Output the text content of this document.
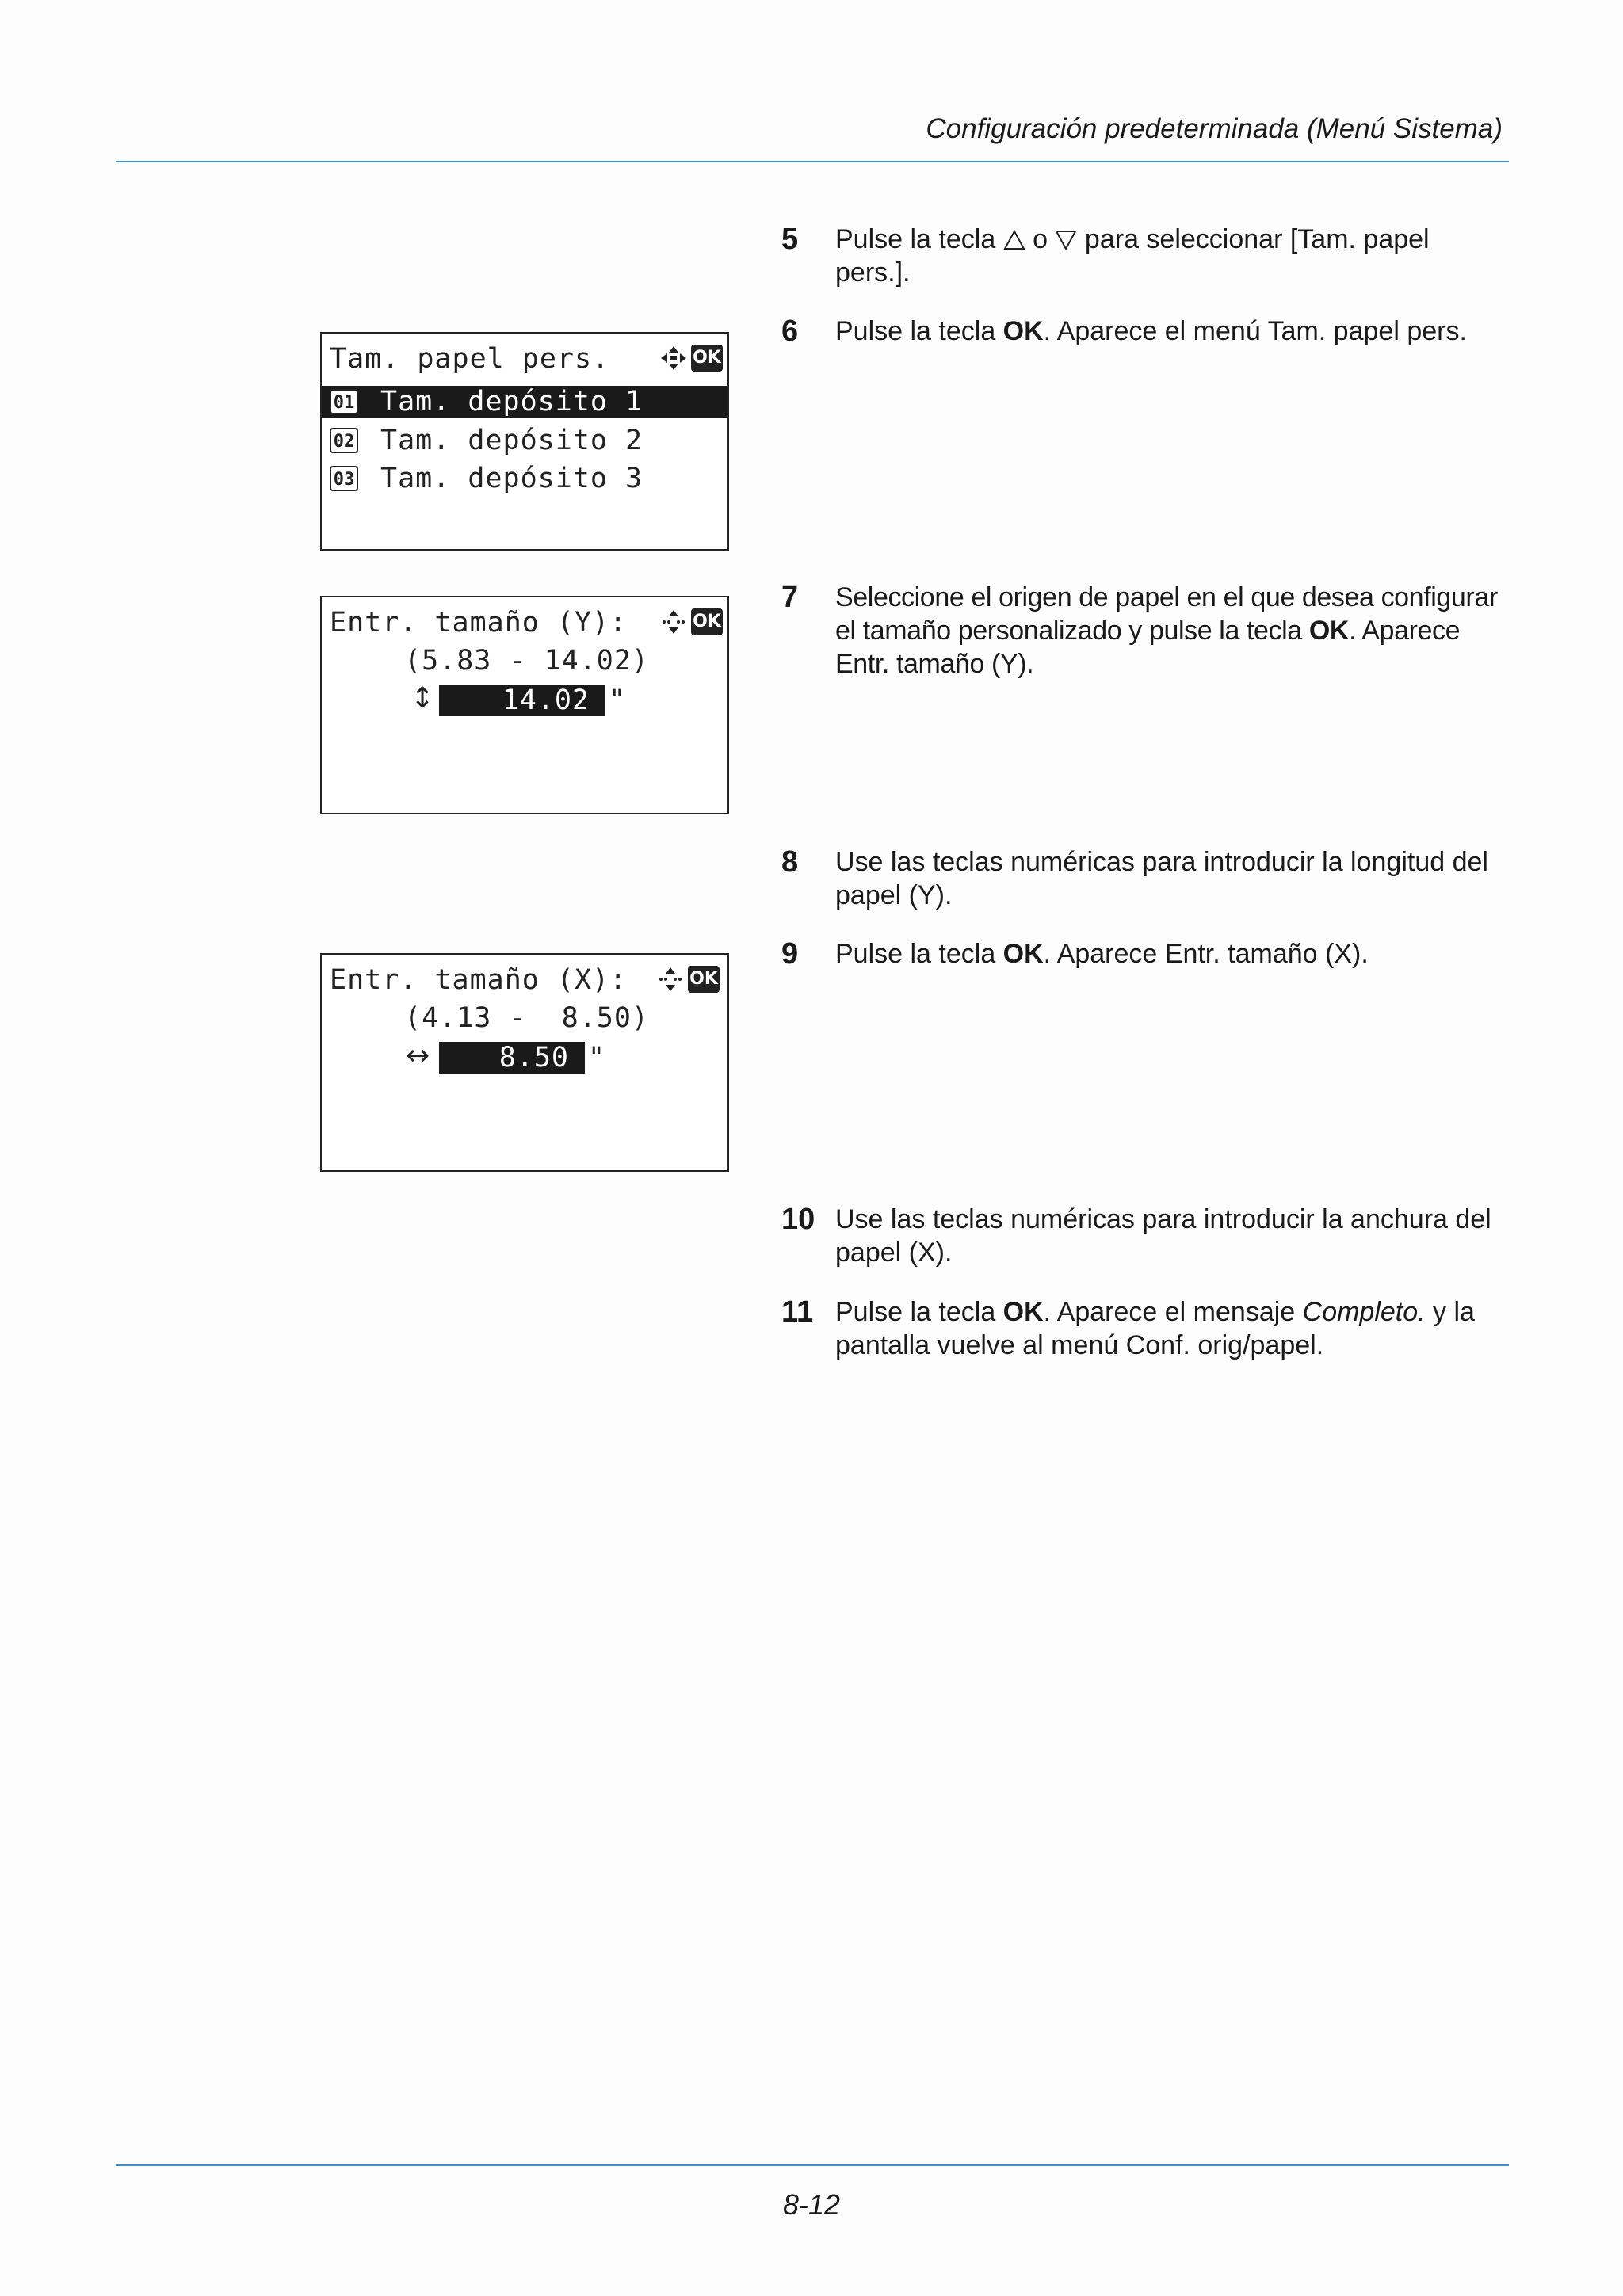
Configuración predeterminada (Menú Sistema)
5 Pulse la tecla  o  para seleccionar [Tam. papel pers.].
6 Pulse la tecla OK. Aparece el menú Tam. papel pers.
7 Seleccione el origen de papel en el que desea configurar el tamaño personalizado y pulse la tecla OK. Aparece Entr. tamaño (Y).
8 Use las teclas numéricas para introducir la longitud del papel (Y).
9 Pulse la tecla OK. Aparece Entr. tamaño (X).
10 Use las teclas numéricas para introducir la anchura del papel (X).
11 Pulse la tecla OK. Aparece el mensaje Completo. y la pantalla vuelve al menú Conf. orig/papel.
Tam. papel pers.	OK
01 Tam. depósito 1
02 Tam. depósito 2
03 Tam. depósito 3
Entr. tamaño (Y):	OK
(5.83 - 14.02)
↕	14.02 "
Entr. tamaño (X):	OK
(4.13 -  8.50)
↔	8.50 "
8-12
